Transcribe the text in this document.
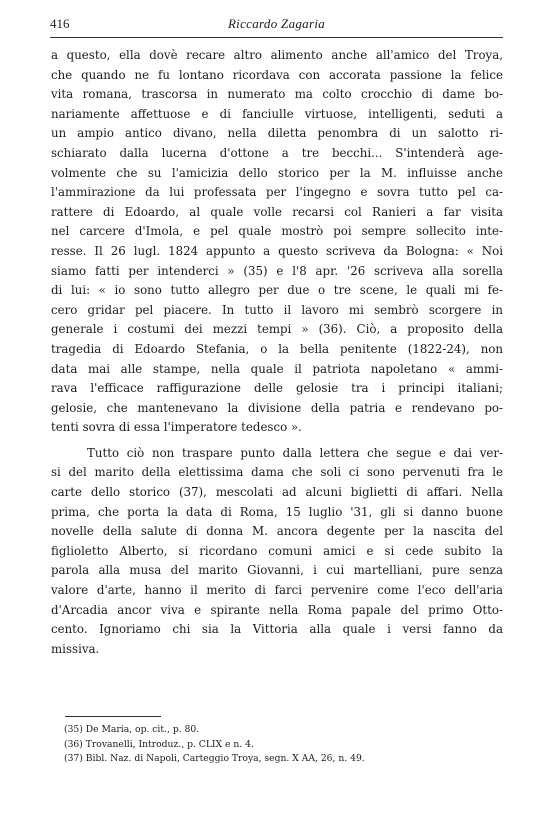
416	Riccardo Zagaria
a questo, ella dovè recare altro alimento anche all'amico del Troya,
che quando ne fu lontano ricordava con accorata passione la felice
vita romana, trascorsa in numerato ma colto crocchio di dame bo-
nariamente affettuose e di fanciulle virtuose, intelligenti, seduti a
un ampio antico divano, nella diletta penombra di un salotto ri-
schiarato dalla lucerna d'ottone a tre becchi... S'intenderà age-
volmente che su l'amicizia dello storico per la M. influisse anche
l'ammirazione da lui professata per l'ingegno e sovra tutto pel ca-
rattere di Edoardo, al quale volle recarsi col Ranieri a far visita
nel carcere d'Imola, e pel quale mostrò poi sempre sollecito inte-
resse. Il 26 lugl. 1824 appunto a questo scriveva da Bologna: « Noi
siamo fatti per intenderci » (35) e l'8 apr. '26 scriveva alla sorella
di lui: « io sono tutto allegro per due o tre scene, le quali mi fe-
cero gridar pel piacere. In tutto il lavoro mi sembrò scorgere in
generale i costumi dei mezzi tempi » (36). Ciò, a proposito della
tragedia di Edoardo Stefania, o la bella penitente (1822-24), non
data mai alle stampe, nella quale il patriota napoletano « ammi-
rava l'efficace raffigurazione delle gelosie tra i principi italiani;
gelosie, che mantenevano la divisione della patria e rendevano po-
tenti sovra di essa l'imperatore tedesco ».
Tutto ciò non traspare punto dalla lettera che segue e dai ver-
si del marito della elettissima dama che soli ci sono pervenuti fra le
carte dello storico (37), mescolati ad alcuni biglietti di affari. Nella
prima, che porta la data di Roma, 15 luglio '31, gli si danno buone
novelle della salute di donna M. ancora degente per la nascita del
figlioletto Alberto, si ricordano comuni amici e si cede subito la
parola alla musa del marito Giovanni, i cui martelliani, pure senza
valore d'arte, hanno il merito di farci pervenire come l'eco dell'aria
d'Arcadia ancor viva e spirante nella Roma papale del primo Otto-
cento. Ignoriamo chi sia la Vittoria alla quale i versi fanno da
missiva.
(35) De Maria, op. cit., p. 80.
(36) Trovanelli, Introduz., p. CLIX e n. 4.
(37) Bibl. Naz. di Napoli, Carteggio Troya, segn. X AA, 26, n. 49.
